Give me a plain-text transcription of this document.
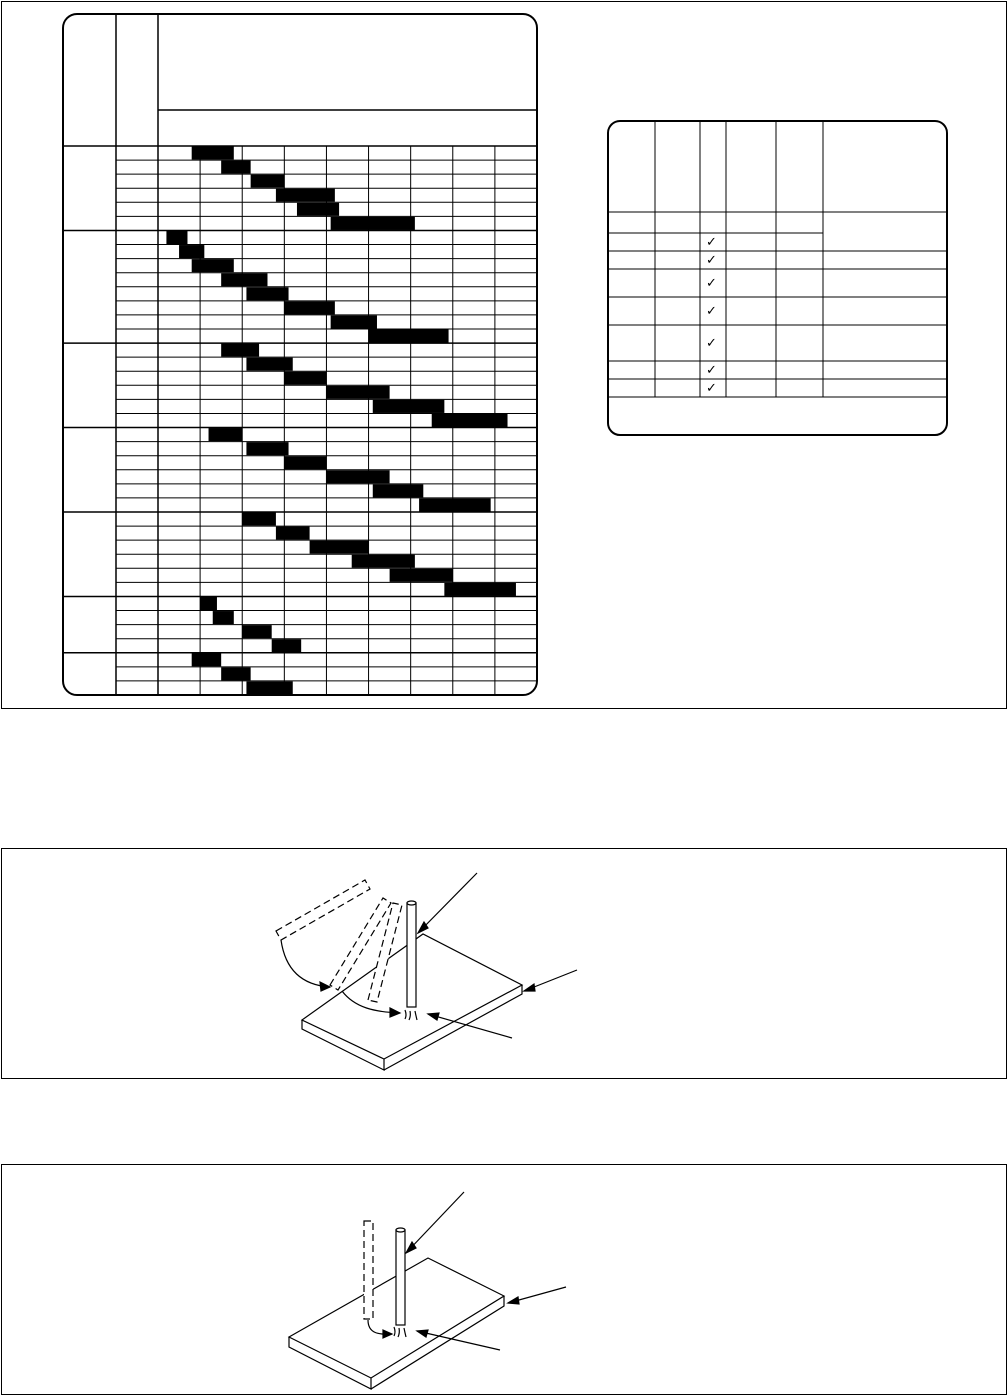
✓
✓
✓
✓
✓
✓
✓
